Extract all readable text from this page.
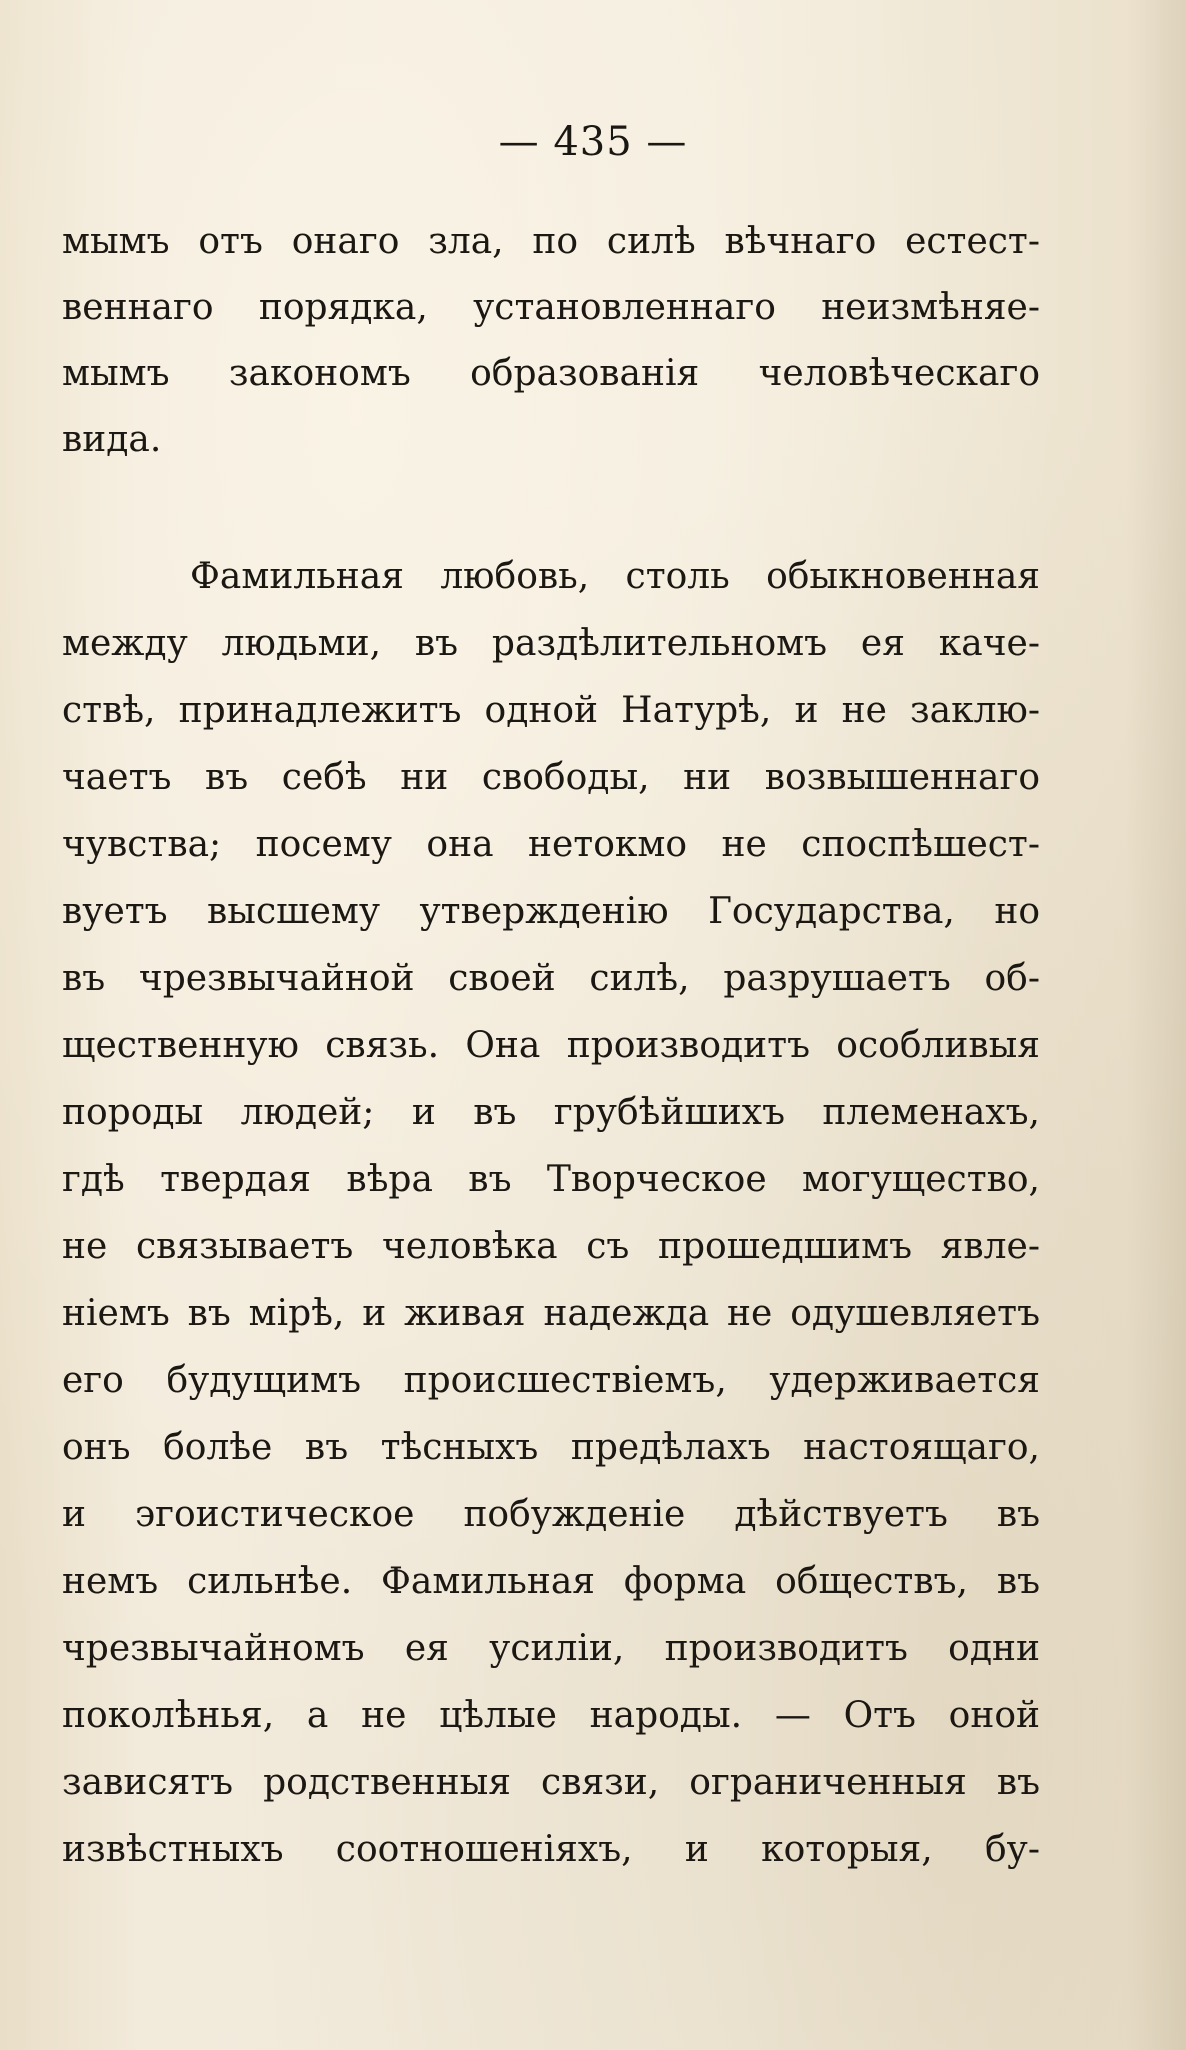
— 435 —
мымъ отъ онаго зла, по силѣ вѣчнаго естест-
веннаго порядка, установленнаго неизмѣняе-
мымъ закономъ образованія человѣческаго
вида.
Фамильная любовь, столь обыкновенная
между людьми, въ раздѣлительномъ ея каче-
ствѣ, принадлежитъ одной Натурѣ, и не заклю-
чаетъ въ себѣ ни свободы, ни возвышеннаго
чувства; посему она нетокмо не споспѣшест-
вуетъ высшему утвержденію Государства, но
въ чрезвычайной своей силѣ, разрушаетъ об-
щественную связь. Она производитъ особливыя
породы людей; и въ грубѣйшихъ племенахъ,
гдѣ твердая вѣра въ Творческое могущество,
не связываетъ человѣка съ прошедшимъ явле-
ніемъ въ мірѣ, и живая надежда не одушевляетъ
его будущимъ происшествіемъ, удерживается
онъ болѣе въ тѣсныхъ предѣлахъ настоящаго,
и эгоистическое побужденіе дѣйствуетъ въ
немъ сильнѣе. Фамильная форма обществъ, въ
чрезвычайномъ ея усиліи, производитъ одни
поколѣнья, а не цѣлые народы. — Отъ оной
зависятъ родственныя связи, ограниченныя въ
извѣстныхъ соотношеніяхъ, и которыя, бу-
